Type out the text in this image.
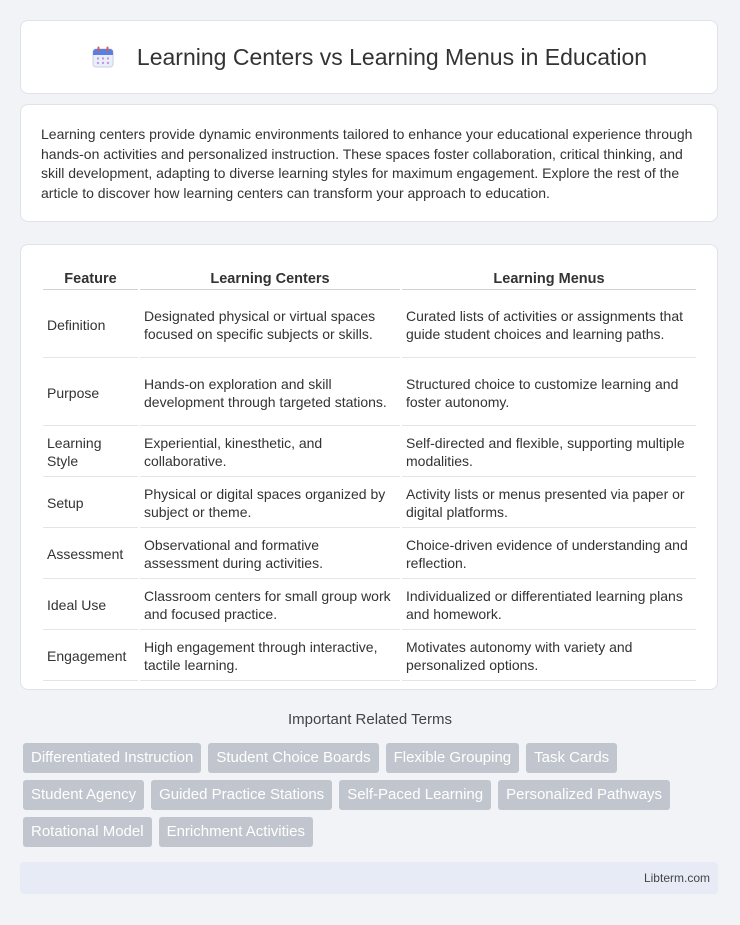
Learning Centers vs Learning Menus in Education

Learning centers provide dynamic environments tailored to enhance your educational experience through hands-on activities and personalized instruction. These spaces foster collaboration, critical thinking, and skill development, adapting to diverse learning styles for maximum engagement. Explore the rest of the article to discover how learning centers can transform your approach to education.

Feature	Learning Centers	Learning Menus
Definition	Designated physical or virtual spaces focused on specific subjects or skills.	Curated lists of activities or assignments that guide student choices and learning paths.
Purpose	Hands-on exploration and skill development through targeted stations.	Structured choice to customize learning and foster autonomy.
Learning Style	Experiential, kinesthetic, and collaborative.	Self-directed and flexible, supporting multiple modalities.
Setup	Physical or digital spaces organized by subject or theme.	Activity lists or menus presented via paper or digital platforms.
Assessment	Observational and formative assessment during activities.	Choice-driven evidence of understanding and reflection.
Ideal Use	Classroom centers for small group work and focused practice.	Individualized or differentiated learning plans and homework.
Engagement	High engagement through interactive, tactile learning.	Motivates autonomy with variety and personalized options.
Important Related Terms
Differentiated Instruction	Student Choice Boards	Flexible Grouping	Task Cards
Student Agency	Guided Practice Stations	Self-Paced Learning	Personalized Pathways
Rotational Model	Enrichment Activities
Libterm.com
